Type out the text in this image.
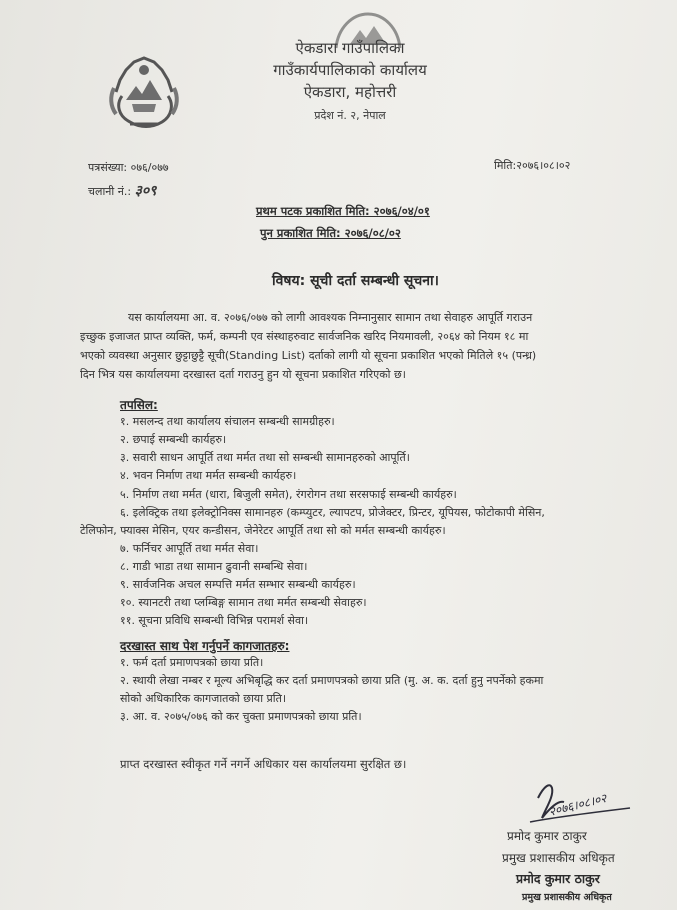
ऐकडारा गाउँपालिका
गाउँकार्यपालिकाको कार्यालय
ऐकडारा, महोत्तरी
प्रदेश नं. २, नेपाल
पत्रसंख्या: ०७६/०७७
चलानी नं.: ३०९
मिति:२०७६।०८।०२
प्रथम पटक प्रकाशित मिति: २०७६/०४/०१
पुन प्रकाशित मिति: २०७६/०८/०२
विषय: सूची दर्ता सम्बन्धी सूचना।
यस कार्यालयमा आ. व. २०७६/०७७ को लागी आवश्यक निम्नानुसार सामान तथा सेवाहरु आपूर्ति गराउन
इच्छुक इजाजत प्राप्त व्यक्ति, फर्म, कम्पनी एव संस्थाहरुवाट सार्वजनिक खरिद नियमावली, २०६४ को नियम १८ मा
भएको व्यवस्था अनुसार छुट्टाछुट्टै सूची(Standing List) दर्ताको लागी यो सूचना प्रकाशित भएको मितिले १५ (पन्ध्र)
दिन भित्र यस कार्यालयमा दरखास्त दर्ता गराउनु हुन यो सूचना प्रकाशित गरिएको छ।
तपसिल:
१. मसलन्द तथा कार्यालय संचालन सम्बन्धी सामग्रीहरु।
२. छपाई सम्बन्धी कार्यहरु।
३. सवारी साधन आपूर्ति तथा मर्मत तथा सो सम्बन्धी सामानहरुको आपूर्ति।
४. भवन निर्माण तथा मर्मत सम्बन्धी कार्यहरु।
५. निर्माण तथा मर्मत (धारा, बिजुली समेत), रंगरोगन तथा सरसफाई सम्बन्धी कार्यहरु।
६. इलेक्ट्रिक तथा इलेक्ट्रोनिक्स सामानहरु (कम्प्युटर, ल्यापटप, प्रोजेक्टर, प्रिन्टर, यूपियस, फोटोकापी मेसिन,
टेलिफोन, फ्याक्स मेसिन, एयर कन्डीसन, जेनेरेटर आपूर्ति तथा सो को मर्मत सम्बन्धी कार्यहरु।
७. फर्निचर आपूर्ति तथा मर्मत सेवा।
८. गाडी भाडा तथा सामान ढुवानी सम्बन्धि सेवा।
९. सार्वजनिक अचल सम्पत्ति मर्मत सम्भार सम्बन्धी कार्यहरु।
१०. स्यानटरी तथा प्लम्बिङ्ग सामान तथा मर्मत सम्बन्धी सेवाहरु।
११. सूचना प्रविधि सम्बन्धी विभिन्न परामर्श सेवा।
दरखास्त साथ पेश गर्नुपर्ने कागजातहरु:
१. फर्म दर्ता प्रमाणपत्रको छाया प्रति।
२. स्थायी लेखा नम्बर र मूल्य अभिबृद्धि कर दर्ता प्रमाणपत्रको छाया प्रति (मु. अ. क. दर्ता हुनु नपर्नेको हकमा
सोको अधिकारिक कागजातको छाया प्रति।
३. आ. व. २०७५/०७६ को कर चुक्ता प्रमाणपत्रको छाया प्रति।
प्राप्त दरखास्त स्वीकृत गर्ने नगर्ने अधिकार यस कार्यालयमा सुरक्षित छ।
२०७६।०८।०२
प्रमोद कुमार ठाकुर
प्रमुख प्रशासकीय अधिकृत
प्रमोद कुमार ठाकुर
प्रमुख प्रशासकीय अधिकृत
